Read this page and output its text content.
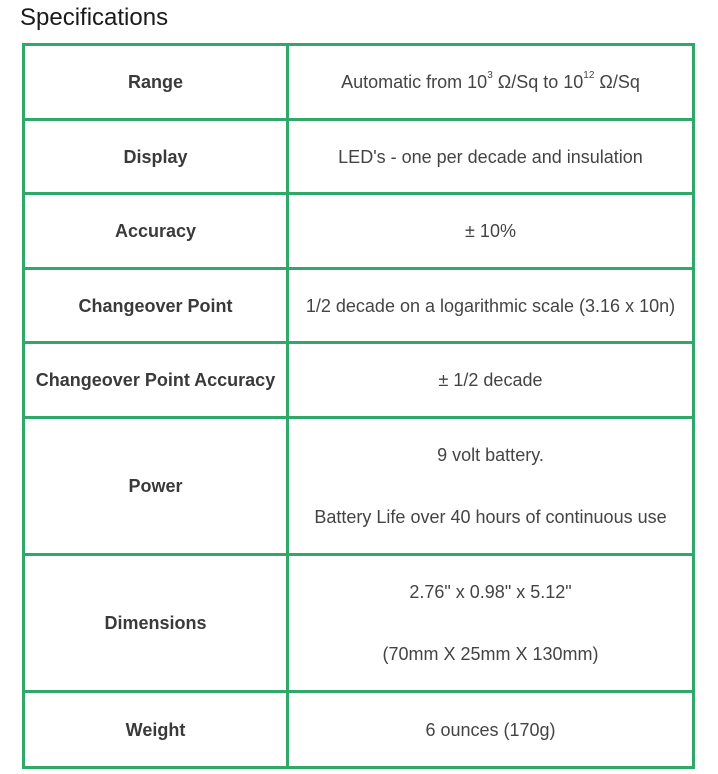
Specifications
Range	Automatic from $10^3$ Ω/Sq to $10^{12}$ Ω/Sq
Display	LED's - one per decade and insulation
Accuracy	± 10%
Changeover Point	1/2 decade on a logarithmic scale (3.16 x 10n)
Changeover Point Accuracy	± 1/2 decade
Power	9 volt battery.

Battery Life over 40 hours of continuous use

Dimensions	2.76" x 0.98" x 5.12"

(70mm X 25mm X 130mm)

Weight	6 ounces (170g)
